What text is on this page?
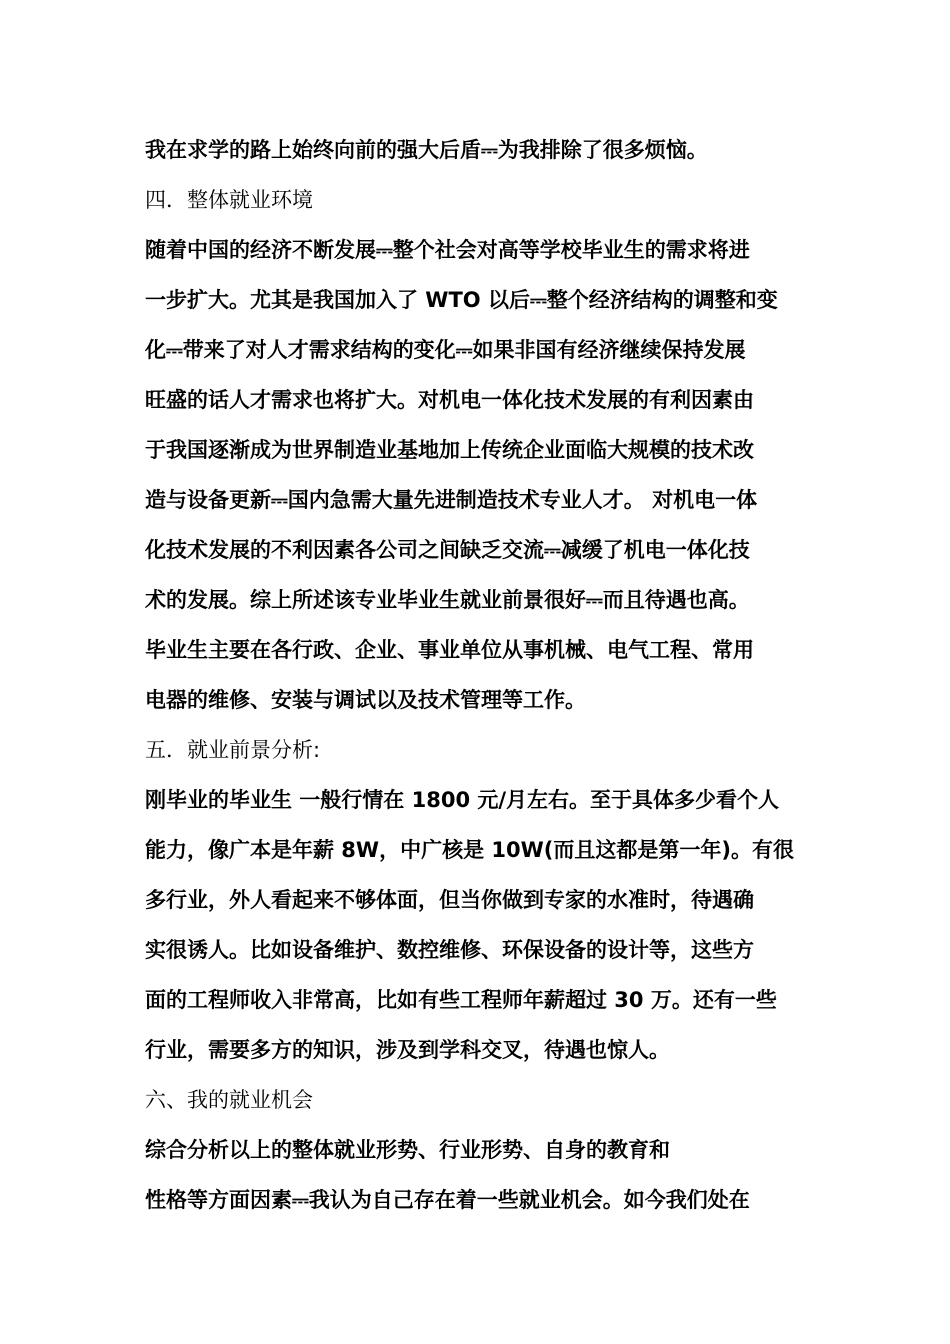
我在求学的路上始终向前的强大后盾⎓为我排除了很多烦恼。
四．整体就业环境
随着中国的经济不断发展⎓整个社会对高等学校毕业生的需求将进
一步扩大。尤其是我国加入了 WTO 以后⎓整个经济结构的调整和变
化⎓带来了对人才需求结构的变化⎓如果非国有经济继续保持发展
旺盛的话人才需求也将扩大。对机电一体化技术发展的有利因素由
于我国逐渐成为世界制造业基地加上传统企业面临大规模的技术改
造与设备更新⎓国内急需大量先进制造技术专业人才。 对机电一体
化技术发展的不利因素各公司之间缺乏交流⎓减缓了机电一体化技
术的发展。综上所述该专业毕业生就业前景很好⎓而且待遇也高。
毕业生主要在各行政、企业、事业单位从事机械、电气工程、常用
电器的维修、安装与调试以及技术管理等工作。
五．就业前景分析:
刚毕业的毕业生 一般行情在 1800 元/月左右。至于具体多少看个人
能力，像广本是年薪 8W，中广核是 10W(而且这都是第一年)。有很
多行业，外人看起来不够体面，但当你做到专家的水准时，待遇确
实很诱人。比如设备维护、数控维修、环保设备的设计等，这些方
面的工程师收入非常高，比如有些工程师年薪超过 30 万。还有一些
行业，需要多方的知识，涉及到学科交叉，待遇也惊人。
六、我的就业机会
综合分析以上的整体就业形势、行业形势、自身的教育和
性格等方面因素⎓我认为自己存在着一些就业机会。如今我们处在
